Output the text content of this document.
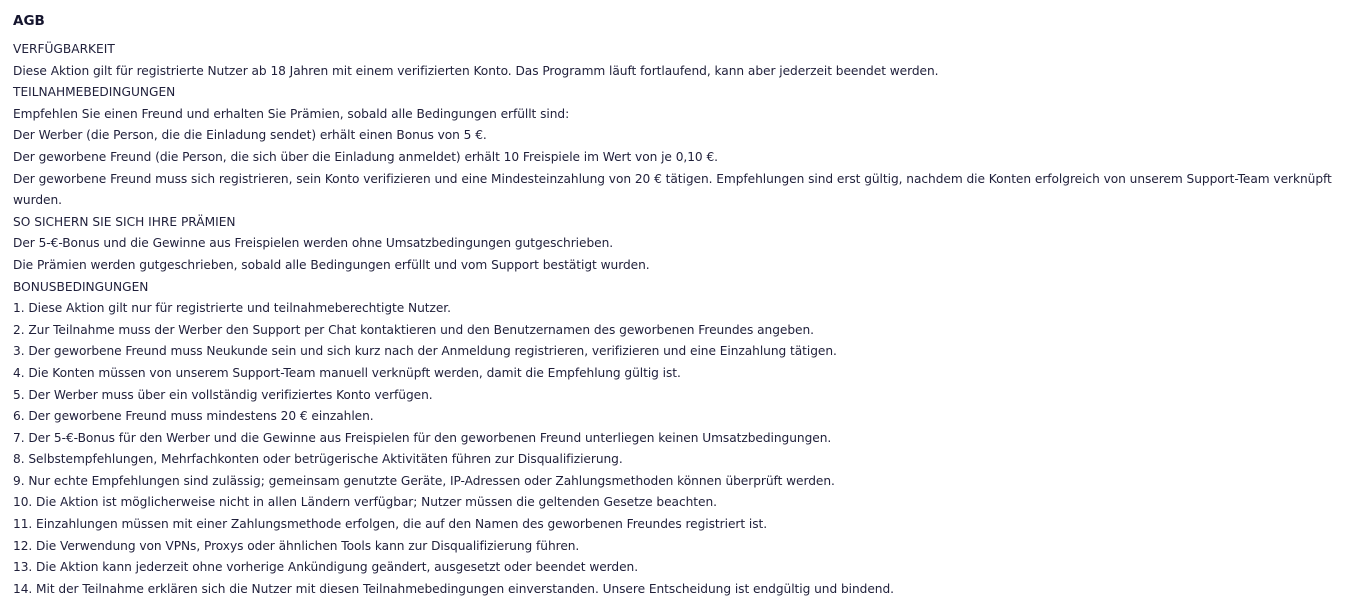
AGB
VERFÜGBARKEIT
Diese Aktion gilt für registrierte Nutzer ab 18 Jahren mit einem verifizierten Konto. Das Programm läuft fortlaufend, kann aber jederzeit beendet werden.
TEILNAHMEBEDINGUNGEN
Empfehlen Sie einen Freund und erhalten Sie Prämien, sobald alle Bedingungen erfüllt sind:
Der Werber (die Person, die die Einladung sendet) erhält einen Bonus von 5 €.
Der geworbene Freund (die Person, die sich über die Einladung anmeldet) erhält 10 Freispiele im Wert von je 0,10 €.
Der geworbene Freund muss sich registrieren, sein Konto verifizieren und eine Mindesteinzahlung von 20 € tätigen. Empfehlungen sind erst gültig, nachdem die Konten erfolgreich von unserem Support-Team verknüpft wurden.
SO SICHERN SIE SICH IHRE PRÄMIEN
Der 5-€-Bonus und die Gewinne aus Freispielen werden ohne Umsatzbedingungen gutgeschrieben.
Die Prämien werden gutgeschrieben, sobald alle Bedingungen erfüllt und vom Support bestätigt wurden.
BONUSBEDINGUNGEN
1. Diese Aktion gilt nur für registrierte und teilnahmeberechtigte Nutzer.
2. Zur Teilnahme muss der Werber den Support per Chat kontaktieren und den Benutzernamen des geworbenen Freundes angeben.
3. Der geworbene Freund muss Neukunde sein und sich kurz nach der Anmeldung registrieren, verifizieren und eine Einzahlung tätigen.
4. Die Konten müssen von unserem Support-Team manuell verknüpft werden, damit die Empfehlung gültig ist.
5. Der Werber muss über ein vollständig verifiziertes Konto verfügen.
6. Der geworbene Freund muss mindestens 20 € einzahlen.
7. Der 5-€-Bonus für den Werber und die Gewinne aus Freispielen für den geworbenen Freund unterliegen keinen Umsatzbedingungen.
8. Selbstempfehlungen, Mehrfachkonten oder betrügerische Aktivitäten führen zur Disqualifizierung.
9. Nur echte Empfehlungen sind zulässig; gemeinsam genutzte Geräte, IP-Adressen oder Zahlungsmethoden können überprüft werden.
10. Die Aktion ist möglicherweise nicht in allen Ländern verfügbar; Nutzer müssen die geltenden Gesetze beachten.
11. Einzahlungen müssen mit einer Zahlungsmethode erfolgen, die auf den Namen des geworbenen Freundes registriert ist.
12. Die Verwendung von VPNs, Proxys oder ähnlichen Tools kann zur Disqualifizierung führen.
13. Die Aktion kann jederzeit ohne vorherige Ankündigung geändert, ausgesetzt oder beendet werden.
14. Mit der Teilnahme erklären sich die Nutzer mit diesen Teilnahmebedingungen einverstanden. Unsere Entscheidung ist endgültig und bindend.
